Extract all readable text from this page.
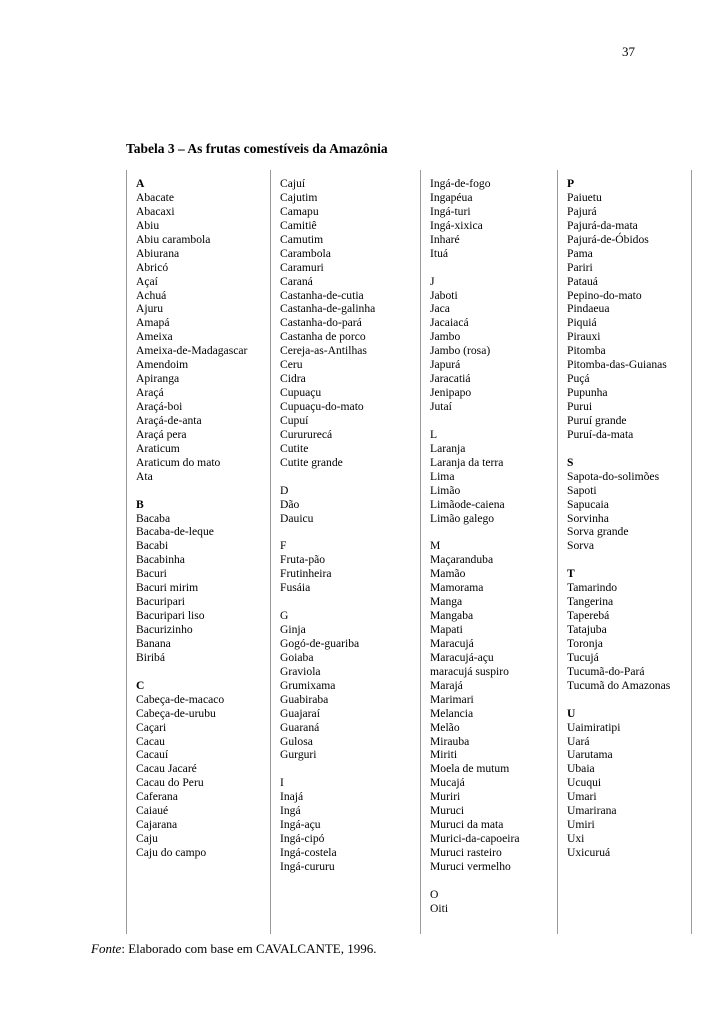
37
Tabela 3 – As frutas comestíveis da Amazônia
A
Abacate
Abacaxi
Abiu
Abiu carambola
Abiurana
Abricó
Açaí
Achuá
Ajuru
Amapá
Ameixa
Ameixa-de-Madagascar
Amendoim
Apiranga
Araçá
Araçá-boi
Araçá-de-anta
Araçá pera
Araticum
Araticum do mato
Ata
B
Bacaba
Bacaba-de-leque
Bacabi
Bacabinha
Bacuri
Bacuri mirim
Bacuripari
Bacuripari liso
Bacurizinho
Banana
Biribá
C
Cabeça-de-macaco
Cabeça-de-urubu
Caçari
Cacau
Cacauí
Cacau Jacaré
Cacau do Peru
Caferana
Caiaué
Cajarana
Caju
Caju do campo
Cajuí
Cajutim
Camapu
Camitiê
Camutim
Carambola
Caramuri
Caraná
Castanha-de-cutia
Castanha-de-galinha
Castanha-do-pará
Castanha de porco
Cereja-as-Antilhas
Ceru
Cidra
Cupuaçu
Cupuaçu-do-mato
Cupuí
Curururecá
Cutite
Cutite grande
D
Dão
Dauicu
F
Fruta-pão
Frutinheira
Fusáia
G
Ginja
Gogó-de-guariba
Goiaba
Graviola
Grumixama
Guabiraba
Guajaraí
Guaraná
Gulosa
Gurguri
I
Inajá
Ingá
Ingá-açu
Ingá-cipó
Ingá-costela
Ingá-cururu
Ingá-de-fogo
Ingapéua
Ingá-turi
Ingá-xixica
Inharé
Ituá
J
Jaboti
Jaca
Jacaiacá
Jambo
Jambo (rosa)
Japurá
Jaracatiá
Jenipapo
Jutaí
L
Laranja
Laranja da terra
Lima
Limão
Limãode-caiena
Limão galego
M
Maçaranduba
Mamão
Mamorama
Manga
Mangaba
Mapati
Maracujá
Maracujá-açu
maracujá suspiro
Marajá
Marimari
Melancia
Melão
Mirauba
Miriti
Moela de mutum
Mucajá
Muriri
Muruci
Muruci da mata
Murici-da-capoeira
Muruci rasteiro
Muruci vermelho
O
Oiti
P
Paiuetu
Pajurá
Pajurá-da-mata
Pajurá-de-Óbidos
Pama
Pariri
Patauá
Pepino-do-mato
Pindaeua
Piquiá
Pirauxi
Pitomba
Pitomba-das-Guianas
Puçá
Pupunha
Purui
Puruí grande
Puruí-da-mata
S
Sapota-do-solimões
Sapoti
Sapucaia
Sorvinha
Sorva grande
Sorva
T
Tamarindo
Tangerina
Taperebá
Tatajuba
Toronja
Tucujá
Tucumã-do-Pará
Tucumã do Amazonas
U
Uaimiratipi
Uará
Uarutama
Ubaia
Ucuqui
Umari
Umarirana
Umiri
Uxi
Uxicuruá
Fonte: Elaborado com base em CAVALCANTE, 1996.
